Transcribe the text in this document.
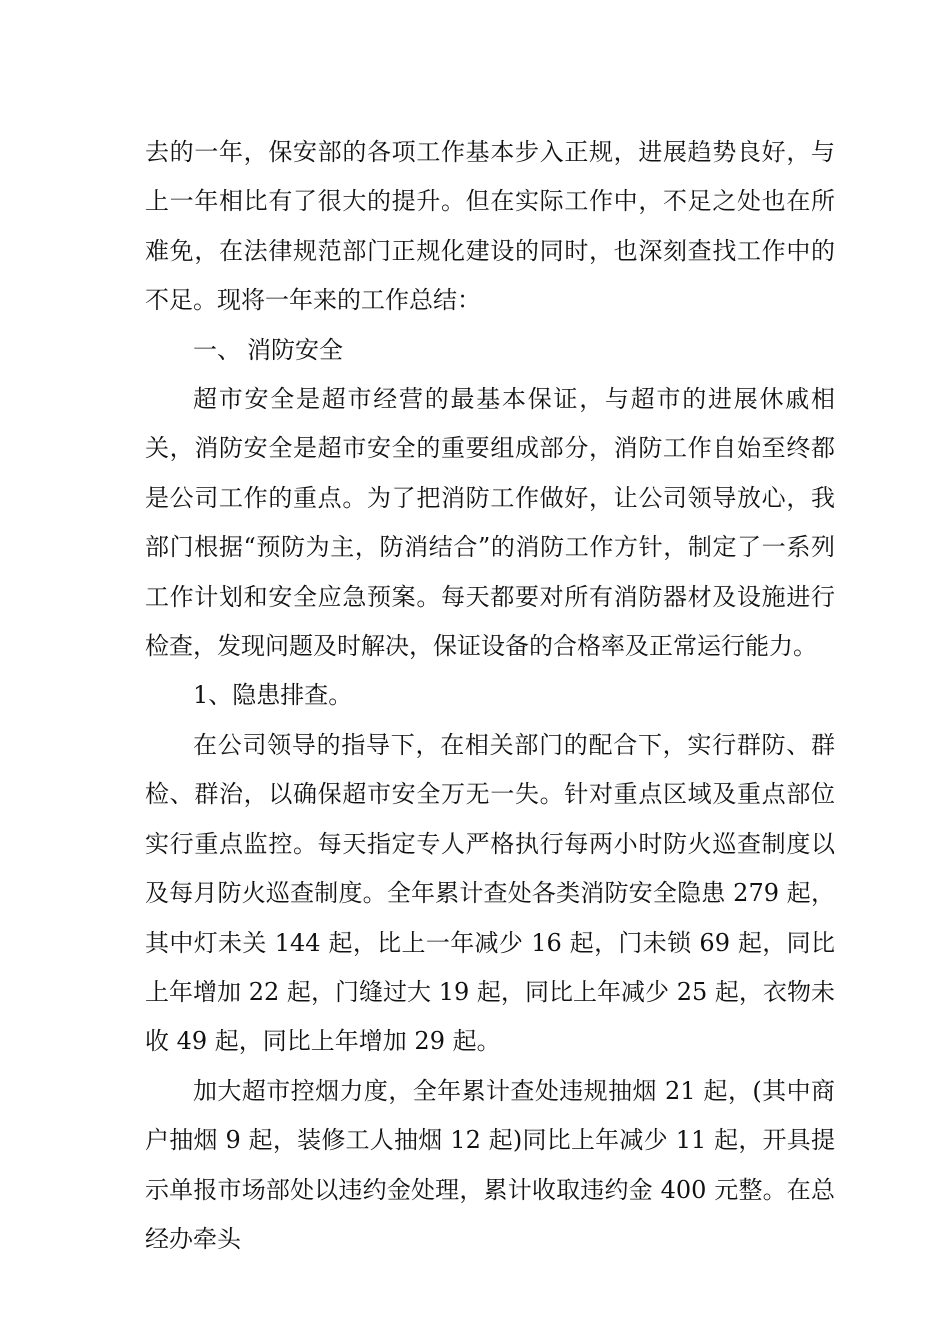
去的一年，保安部的各项工作基本步入正规，进展趋势良好，与上一年相比有了很大的提升。但在实际工作中，不足之处也在所难免，在法律规范部门正规化建设的同时，也深刻查找工作中的不足。现将一年来的工作总结：

一、 消防安全

超市安全是超市经营的最基本保证，与超市的进展休戚相关，消防安全是超市安全的重要组成部分，消防工作自始至终都是公司工作的重点。为了把消防工作做好，让公司领导放心，我部门根据“预防为主，防消结合”的消防工作方针，制定了一系列工作计划和安全应急预案。每天都要对所有消防器材及设施进行检查，发现问题及时解决，保证设备的合格率及正常运行能力。

1、隐患排查。

在公司领导的指导下，在相关部门的配合下，实行群防、群检、群治，以确保超市安全万无一失。针对重点区域及重点部位实行重点监控。每天指定专人严格执行每两小时防火巡查制度以及每月防火巡查制度。全年累计查处各类消防安全隐患 279 起，其中灯未关 144 起，比上一年减少 16 起，门未锁 69 起，同比上年增加 22 起，门缝过大 19 起，同比上年减少 25 起，衣物未收 49 起，同比上年增加 29 起。

加大超市控烟力度，全年累计查处违规抽烟 21 起，(其中商户抽烟 9 起，装修工人抽烟 12 起)同比上年减少 11 起，开具提示单报市场部处以违约金处理，累计收取违约金 400 元整。在总经办牵头
